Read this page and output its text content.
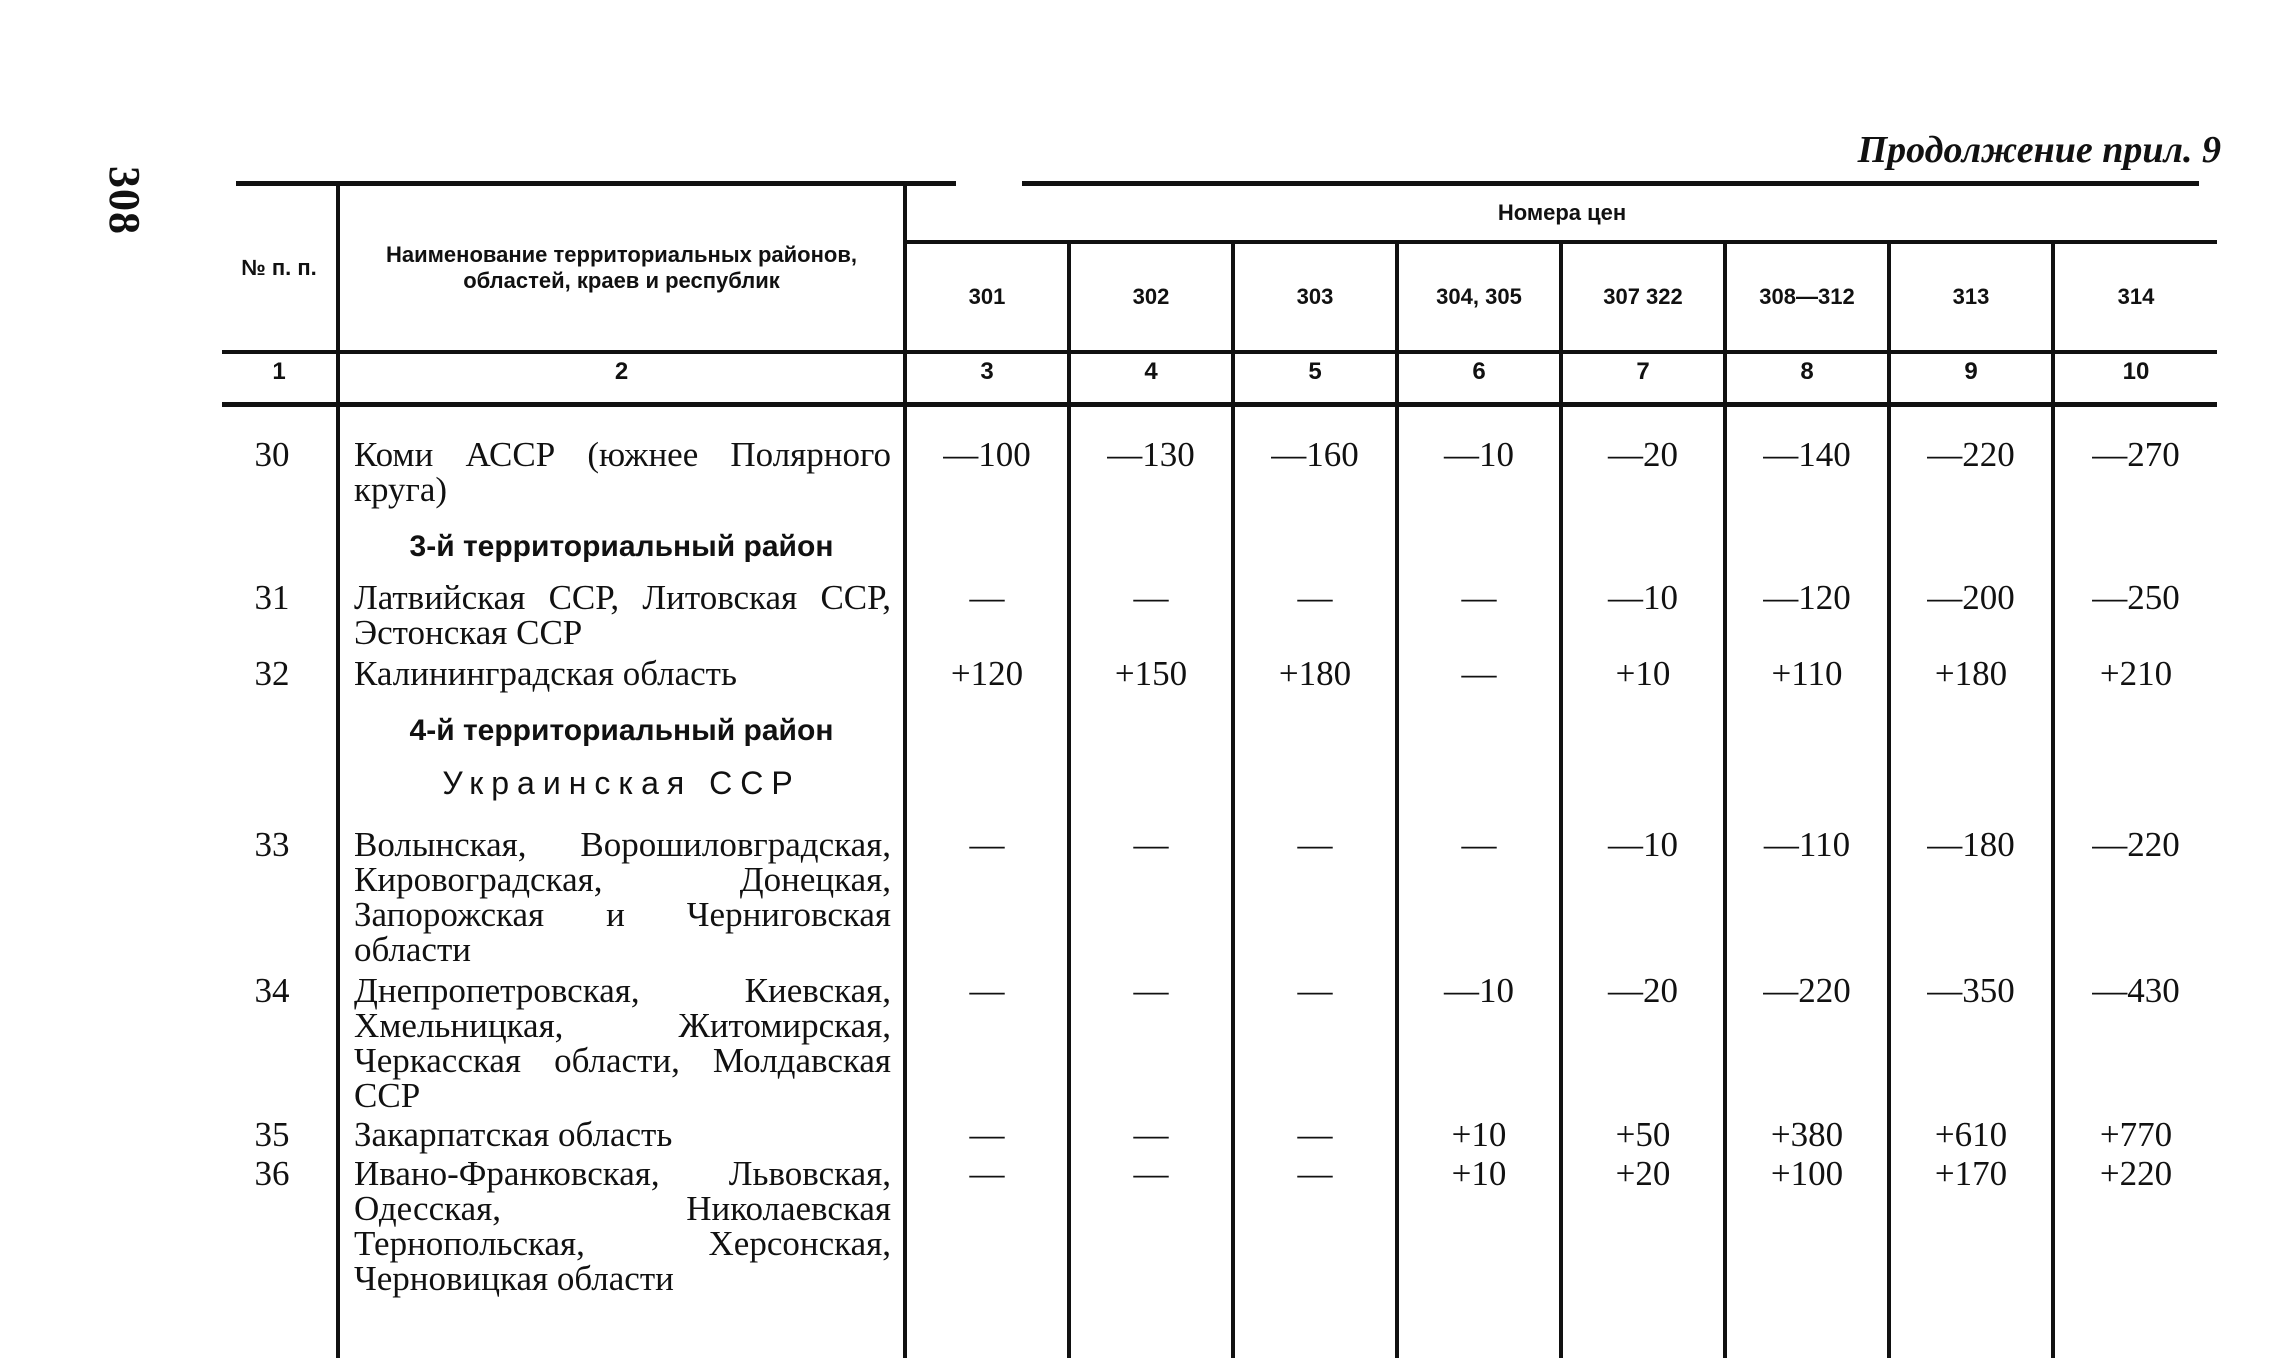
308
Продолжение прил. 9
№ п. п.	Наименование территориальных районов, областей, краев и республик	Номера цен							
		301	302	303	304, 305	307 322	308—312	313	314
1	2	3	4	5	6	7	8	9	10

30	Коми АССР (южнее Полярного круга)	—100	—130	—160	—10	—20	—140	—220	—270
	3-й территориальный район								
31	Латвийская ССР, Литовская ССР, Эстонская ССР	—	—	—	—	—10	—120	—200	—250
32	Калининградская область	+120	+150	+180	—	+10	+110	+180	+210
	4-й территориальный район								
	Украинская ССР								
33	Волынская, Ворошиловградская, Кировоградская, Донецкая, Запорожская и Черниговская области	—	—	—	—	—10	—110	—180	—220
34	Днепропетровская, Киевская, Хмельницкая, Житомирская, Черкасская области, Молдавская ССР	—	—	—	—10	—20	—220	—350	—430
35	Закарпатская область	—	—	—	+10	+50	+380	+610	+770
36	Ивано-Франковская, Львовская, Одесская, Николаевская Тернопольская, Херсонская, Черновицкая области	—	—	—	+10	+20	+100	+170	+220
